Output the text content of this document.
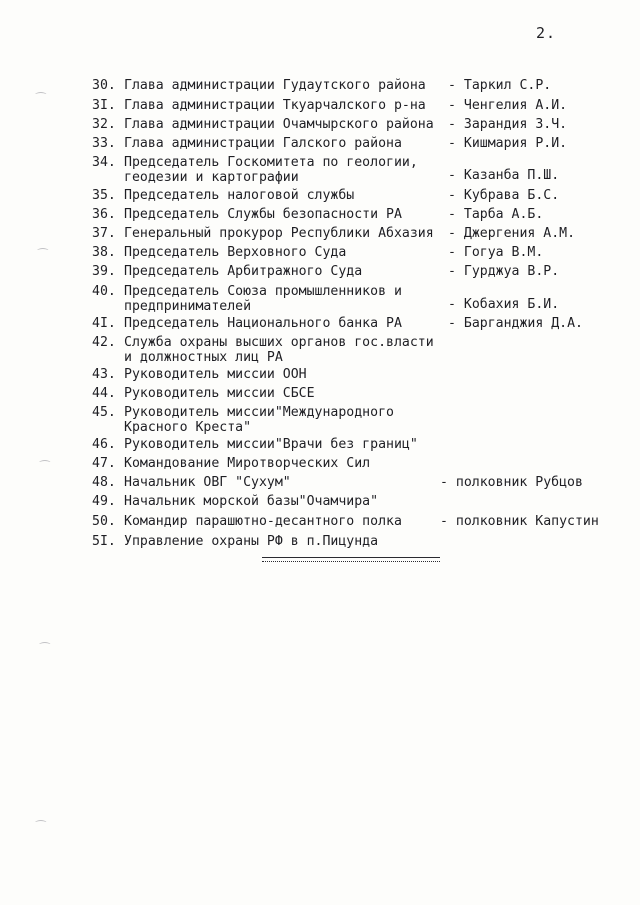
2.
30. Глава администрации Гудаутского района	- Таркил С.Р.
3I. Глава администрации Ткуарчалского р-на	- Ченгелия А.И.
32. Глава администрации Очамчырского района	- Зарандия З.Ч.
33. Глава администрации Галского района	- Кишмария Р.И.
34. Председатель Госкомитета по геологии,
геодезии и картографии	- Казанба П.Ш.
35. Председатель налоговой службы	- Кубрава Б.С.
36. Председатель Службы безопасности РА	- Тарба А.Б.
37. Генеральный прокурор Республики Абхазия	- Джергения А.М.
38. Председатель Верховного Суда	- Гогуа В.М.
39. Председатель Арбитражного Суда	- Гурджуа В.Р.
40. Председатель Союза промышленников и
предпринимателей	- Кобахия Б.И.
4I. Председатель Национального банка РА	- Барганджия Д.А.
42. Служба охраны высших органов гос.власти
и должностных лиц РА
43. Руководитель миссии ООН
44. Руководитель миссии СБСЕ
45. Руководитель миссии"Международного
Красного Креста"
46. Руководитель миссии"Врачи без границ"
47. Командование Миротворческих Сил
48. Начальник ОВГ "Сухум"	- полковник Рубцов
49. Начальник морской базы"Очамчира"
50. Командир парашютно-десантного полка	- полковник Капустин
5I. Управление охраны РФ в п.Пицунда
⁔
⁔
⁔
⁔
⁔
